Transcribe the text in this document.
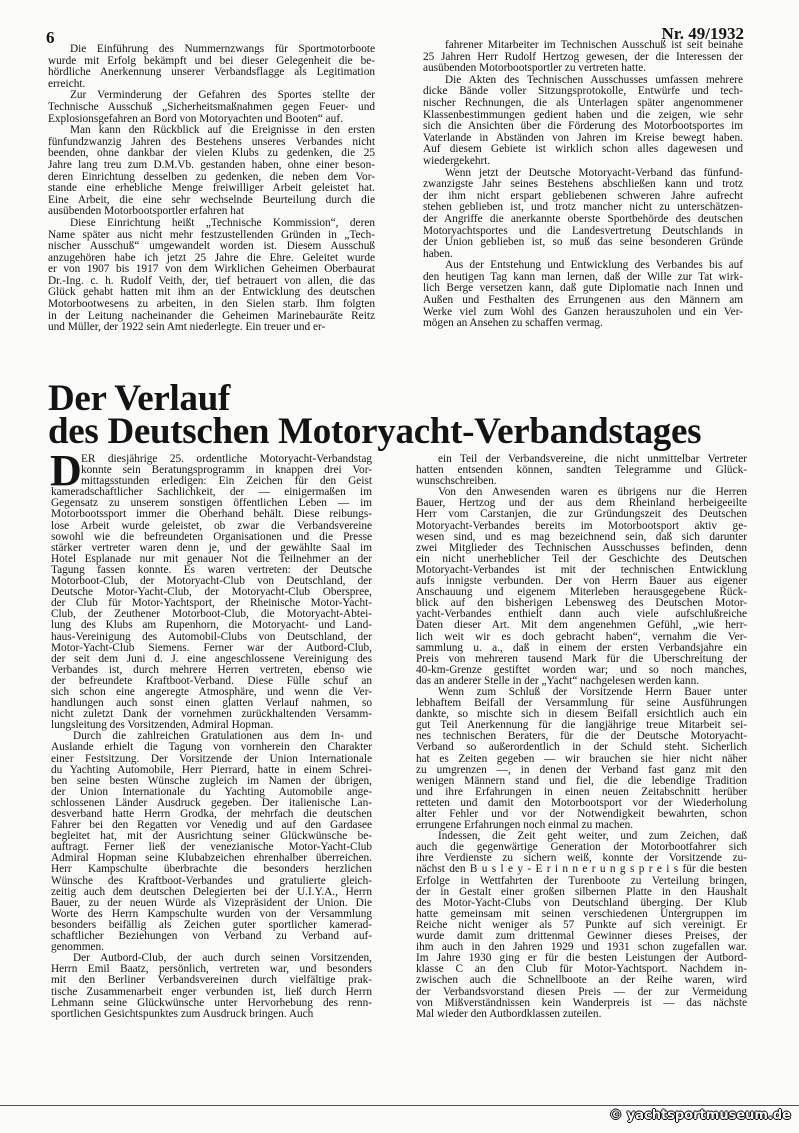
6	Nr. 49/1932
Die Einführung des Nummernzwangs für Sportmotorboote
wurde mit Erfolg bekämpft und bei dieser Gelegenheit die be-
hördliche Anerkennung unserer Verbandsflagge als Legitimation
erreicht.
Zur Verminderung der Gefahren des Sportes stellte der
Technische Ausschuß „Sicherheitsmaßnahmen gegen Feuer- und
Explosionsgefahren an Bord von Motoryachten und Booten“ auf.
Man kann den Rückblick auf die Ereignisse in den ersten
fünfundzwanzig Jahren des Bestehens unseres Verbandes nicht
beenden, ohne dankbar der vielen Klubs zu gedenken, die 25
Jahre lang treu zum D.M.Vb. gestanden haben, ohne einer beson-
deren Einrichtung desselben zu gedenken, die neben dem Vor-
stande eine erhebliche Menge freiwilliger Arbeit geleistet hat.
Eine Arbeit, die eine sehr wechselnde Beurteilung durch die
ausübenden Motorbootsportler erfahren hat
Diese Einrichtung heißt „Technische Kommission“, deren
Name später aus nicht mehr festzustellenden Gründen in „Tech-
nischer Ausschuß“ umgewandelt worden ist. Diesem Ausschuß
anzugehören habe ich jetzt 25 Jahre die Ehre. Geleitet wurde
er von 1907 bis 1917 von dem Wirklichen Geheimen Oberbaurat
Dr.-Ing. c. h. Rudolf Veith, der, tief betrauert von allen, die das
Glück gehabt hatten mit ihm an der Entwicklung des deutschen
Motorbootwesens zu arbeiten, in den Sielen starb. Ihm folgten
in der Leitung nacheinander die Geheimen Marinebauräte Reitz
und Müller, der 1922 sein Amt niederlegte. Ein treuer und er-
fahrener Mitarbeiter im Technischen Ausschuß ist seit beinahe
25 Jahren Herr Rudolf Hertzog gewesen, der die Interessen der
ausübenden Motorbootsportler zu vertreten hatte.
Die Akten des Technischen Ausschusses umfassen mehrere
dicke Bände voller Sitzungsprotokolle, Entwürfe und tech-
nischer Rechnungen, die als Unterlagen später angenommener
Klassenbestimmungen gedient haben und die zeigen, wie sehr
sich die Ansichten über die Förderung des Motorbootsportes im
Vaterlande in Abständen von Jahren im Kreise bewegt haben.
Auf diesem Gebiete ist wirklich schon alles dagewesen und
wiedergekehrt.
Wenn jetzt der Deutsche Motoryacht-Verband das fünfund-
zwanzigste Jahr seines Bestehens abschließen kann und trotz
der ihm nicht erspart gebliebenen schweren Jahre aufrecht
stehen geblieben ist, und trotz mancher nicht zu unterschätzen-
der Angriffe die anerkannte oberste Sportbehörde des deutschen
Motoryachtsportes und die Landesvertretung Deutschlands in
der Union geblieben ist, so muß das seine besonderen Gründe
haben.
Aus der Entstehung und Entwicklung des Verbandes bis auf
den heutigen Tag kann man lernen, daß der Wille zur Tat wirk-
lich Berge versetzen kann, daß gute Diplomatie nach Innen und
Außen und Festhalten des Errungenen aus den Männern am
Werke viel zum Wohl des Ganzen herauszuholen und ein Ver-
mögen an Ansehen zu schaffen vermag.
Der Verlauf
des Deutschen Motoryacht-Verbandstages
D ER diesjährige 25. ordentliche Motoryacht-Verbandstag
konnte sein Beratungsprogramm in knappen drei Vor-
mittagsstunden erledigen: Ein Zeichen für den Geist
kameradschaftlicher Sachlichkeit, der — einigermaßen im
Gegensatz zu unserem sonstigen öffentlichen Leben — im
Motorbootssport immer die Oberhand behält. Diese reibungs-
lose Arbeit wurde geleistet, ob zwar die Verbandsvereine
sowohl wie die befreundeten Organisationen und die Presse
stärker vertreter waren denn je, und der gewählte Saal im
Hotel Esplanade nur mit genauer Not die Teilnehmer an der
Tagung fassen konnte. Es waren vertreten: der Deutsche
Motorboot-Club, der Motoryacht-Club von Deutschland, der
Deutsche Motor-Yacht-Club, der Motoryacht-Club Oberspree,
der Club für Motor-Yachtsport, der Rheinische Motor-Yacht-
Club, der Zeuthener Motorboot-Club, die Motoryacht-Abtei-
lung des Klubs am Rupenhorn, die Motoryacht- und Land-
haus-Vereinigung des Automobil-Clubs von Deutschland, der
Motor-Yacht-Club Siemens. Ferner war der Autbord-Club,
der seit dem Juni d. J. eine angeschlossene Vereinigung des
Verbandes ist, durch mehrere Herren vertreten, ebenso wie
der befreundete Kraftboot-Verband. Diese Fülle schuf an
sich schon eine angeregte Atmosphäre, und wenn die Ver-
handlungen auch sonst einen glatten Verlauf nahmen, so
nicht zuletzt Dank der vornehmen zurückhaltenden Versamm-
lungsleitung des Vorsitzenden, Admiral Hopman.
Durch die zahlreichen Gratulationen aus dem In- und
Auslande erhielt die Tagung von vornherein den Charakter
einer Festsitzung. Der Vorsitzende der Union Internationale
du Yachting Automobile, Herr Pierrard, hatte in einem Schrei-
ben seine besten Wünsche zugleich im Namen der übrigen,
der Union Internationale du Yachting Automobile ange-
schlossenen Länder Ausdruck gegeben. Der italienische Lan-
desverband hatte Herrn Grodka, der mehrfach die deutschen
Fahrer bei den Regatten vor Venedig und auf den Gardasee
begleitet hat, mit der Ausrichtung seiner Glückwünsche be-
auftragt. Ferner ließ der venezianische Motor-Yacht-Club
Admiral Hopman seine Klubabzeichen ehrenhalber überreichen.
Herr Kampschulte überbrachte die besonders herzlichen
Wünsche des Kraftboot-Verbandes und gratulierte gleich-
zeitig auch dem deutschen Delegierten bei der U.I.Y.A., Herrn
Bauer, zu der neuen Würde als Vizepräsident der Union. Die
Worte des Herrn Kampschulte wurden von der Versammlung
besonders beifällig als Zeichen guter sportlicher kamerad-
schaftlicher Beziehungen von Verband zu Verband auf-
genommen.
Der Autbord-Club, der auch durch seinen Vorsitzenden,
Herrn Emil Baatz, persönlich, vertreten war, und besonders
mit den Berliner Verbandsvereinen durch vielfältige prak-
tische Zusammenarbeit enger verbunden ist, ließ durch Herrn
Lehmann seine Glückwünsche unter Hervorhebung des renn-
sportlichen Gesichtspunktes zum Ausdruck bringen. Auch
ein Teil der Verbandsvereine, die nicht unmittelbar Vertreter
hatten entsenden können, sandten Telegramme und Glück-
wunschschreiben.
Von den Anwesenden waren es übrigens nur die Herren
Bauer, Hertzog und der aus dem Rheinland herbeigeeilte
Herr vom Carstanjen, die zur Gründungszeit des Deutschen
Motoryacht-Verbandes bereits im Motorbootsport aktiv ge-
wesen sind, und es mag bezeichnend sein, daß sich darunter
zwei Mitglieder des Technischen Ausschusses befinden, denn
ein nicht unerheblicher Teil der Geschichte des Deutschen
Motoryacht-Verbandes ist mit der technischen Entwicklung
aufs innigste verbunden. Der von Herrn Bauer aus eigener
Anschauung und eigenem Miterleben herausgegebene Rück-
blick auf den bisherigen Lebensweg des Deutschen Motor-
yacht-Verbandes enthielt dann auch viele aufschlußreiche
Daten dieser Art. Mit dem angenehmen Gefühl, „wie herr-
lich weit wir es doch gebracht haben“, vernahm die Ver-
sammlung u. a., daß in einem der ersten Verbandsjahre ein
Preis von mehreren tausend Mark für die Überschreitung der
40-km-Grenze gestiftet worden war; und so noch manches,
das an anderer Stelle in der „Yacht“ nachgelesen werden kann.
Wenn zum Schluß der Vorsitzende Herrn Bauer unter
lebhaftem Beifall der Versammlung für seine Ausführungen
dankte, so mischte sich in diesem Beifall ersichtlich auch ein
gut Teil Anerkennung für die langjährige treue Mitarbeit sei-
nes technischen Beraters, für die der Deutsche Motoryacht-
Verband so außerordentlich in der Schuld steht. Sicherlich
hat es Zeiten gegeben — wir brauchen sie hier nicht näher
zu umgrenzen —, in denen der Verband fast ganz mit den
wenigen Männern stand und fiel, die die lebendige Tradition
und ihre Erfahrungen in einen neuen Zeitabschnitt herüber
retteten und damit den Motorbootsport vor der Wiederholung
alter Fehler und vor der Notwendigkeit bewahrten, schon
errungene Erfahrungen noch einmal zu machen.
Indessen, die Zeit geht weiter, und zum Zeichen, daß
auch die gegenwärtige Generation der Motorbootfahrer sich
ihre Verdienste zu sichern weiß, konnte der Vorsitzende zu-
nächst den B u s l e y - E r i n n e r u n g s p r e i s für die besten
Erfolge in Wettfahrten der Turenboote zu Verteilung bringen,
der in Gestalt einer großen silbernen Platte in den Haushalt
des Motor-Yacht-Clubs von Deutschland überging. Der Klub
hatte gemeinsam mit seinen verschiedenen Untergruppen im
Reiche nicht weniger als 57 Punkte auf sich vereinigt. Er
wurde damit zum drittenmal Gewinner dieses Preises, der
ihm auch in den Jahren 1929 und 1931 schon zugefallen war.
Im Jahre 1930 ging er für die besten Leistungen der Autbord-
klasse C an den Club für Motor-Yachtsport. Nachdem in-
zwischen auch die Schnellboote an der Reihe waren, wird
der Verbandsvorstand diesen Preis — der zur Vermeidung
von Mißverständnissen kein Wanderpreis ist — das nächste
Mal wieder den Autbordklassen zuteilen.
© yachtsportmuseum.de
